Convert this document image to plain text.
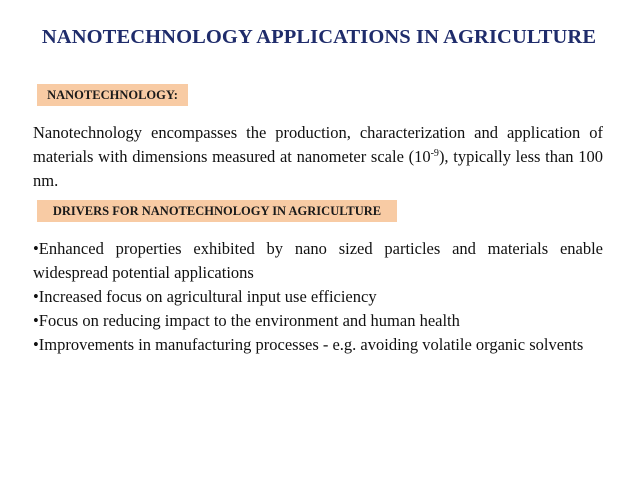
NANOTECHNOLOGY APPLICATIONS IN AGRICULTURE
NANOTECHNOLOGY:
Nanotechnology encompasses the production, characterization and application of materials with dimensions measured at nanometer scale $(10^{-9})$, typically less than 100 nm.
DRIVERS FOR NANOTECHNOLOGY IN AGRICULTURE
•Enhanced properties exhibited by nano sized particles and materials enable widespread potential applications
•Increased focus on agricultural input use efficiency
•Focus on reducing impact to the environment and human health
•Improvements in manufacturing processes - e.g. avoiding volatile organic solvents
